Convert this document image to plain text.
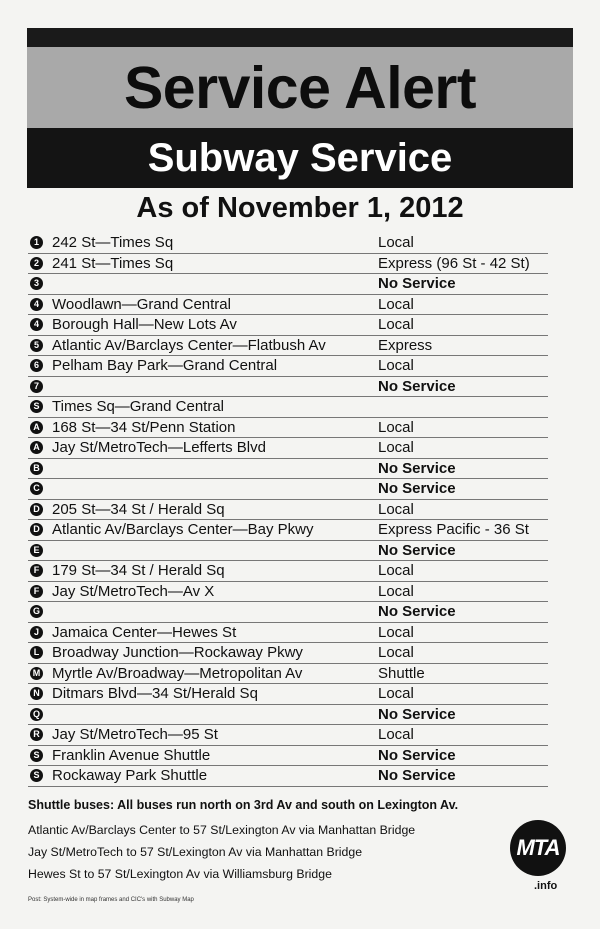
Service Alert
Subway Service
As of November 1, 2012
1 242 St—Times Sq	Local
2 241 St—Times Sq	Express (96 St - 42 St)
3	No Service
4 Woodlawn—Grand Central	Local
4 Borough Hall—New Lots Av	Local
5 Atlantic Av/Barclays Center—Flatbush Av	Express
6 Pelham Bay Park—Grand Central	Local
7	No Service
S Times Sq—Grand Central
A 168 St—34 St/Penn Station	Local
A Jay St/MetroTech—Lefferts Blvd	Local
B	No Service
C	No Service
D 205 St—34 St / Herald Sq	Local
D Atlantic Av/Barclays Center—Bay Pkwy	Express Pacific - 36 St
E	No Service
F 179 St—34 St / Herald Sq	Local
F Jay St/MetroTech—Av X	Local
G	No Service
J Jamaica Center—Hewes St	Local
L Broadway Junction—Rockaway Pkwy	Local
M Myrtle Av/Broadway—Metropolitan Av	Shuttle
N Ditmars Blvd—34 St/Herald Sq	Local
Q	No Service
R Jay St/MetroTech—95 St	Local
S Franklin Avenue Shuttle	No Service
S Rockaway Park Shuttle	No Service
Shuttle buses: All buses run north on 3rd Av and south on Lexington Av.
Atlantic Av/Barclays Center to 57 St/Lexington Av via Manhattan Bridge
Jay St/MetroTech to 57 St/Lexington Av via Manhattan Bridge
Hewes St to 57 St/Lexington Av via Williamsburg Bridge
Post: System-wide in map frames and CIC's with Subway Map
MTA
.info
